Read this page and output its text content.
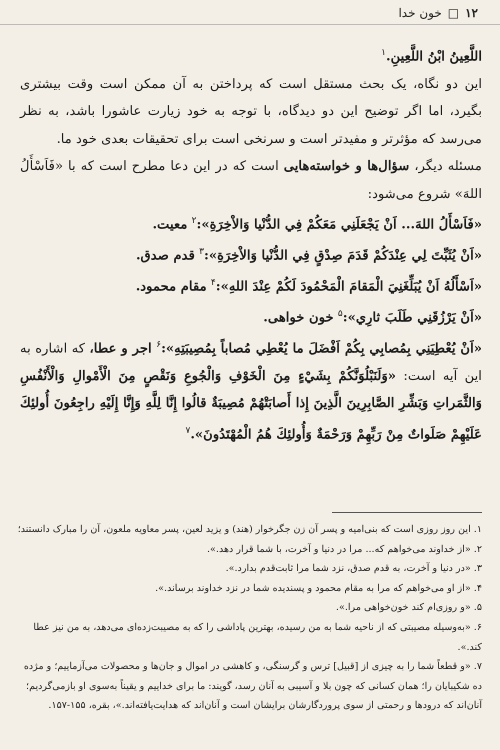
۱۲
□
خون خدا

اللَّعِينُ ابْنُ اللَّعِينِ.$^۱$

این دو نگاه، یک بحث مستقل است که پرداختن به آن ممکن است وقت بیشتری بگیرد، اما اگر توضیح این دو دیدگاه، با توجه به خود زیارت عاشورا باشد، به نظر می‌رسد که مؤثرتر و مفیدتر است و سرنخی است برای تحقیقات بعدی خود ما.

مسئله دیگر، سؤال‌ها و خواسته‌هایی است که در این دعا مطرح است که با «فَاَسْأَلُ اللهَ» شروع می‌شود:

«فَاَسْأَلُ اللهَ... اَنْ يَجْعَلَنِي مَعَكُمْ فِي الدُّنْيا وَالاْخِرَةِ»:$^۲$ معیت.

«اَنْ يُثَبِّتَ لِي عِنْدَكُمْ قَدَمَ صِدْقٍ فِي الدُّنْيا وَالاْخِرَةِ»:$^۳$ قدم صدق.

«اَسْأَلُهُ اَنْ يُبَلِّغَنِيَ الْمَقامَ الْمَحْمُودَ لَكُمْ عِنْدَ اللهِ»:$^۴$ مقام محمود.

«اَنْ يَرْزُقَنِي طَلَبَ ثارِي»:$^۵$ خون خواهی.

«اَنْ يُعْطِيَنِي بِمُصابِي بِكُمْ اَفْضَلَ ما يُعْطِي مُصاباً بِمُصِيبَتِهِ»:$^۶$ اجر و عطا، که اشاره به این آیه است: «وَلَنَبْلُوَنَّكُمْ بِشَيْءٍ مِنَ الْخَوْفِ وَالْجُوعِ وَنَقْصٍ مِنَ الْأَمْوالِ وَالْأَنْفُسِ وَالثَّمَراتِ وَبَشِّرِ الصَّابِرِينَ الَّذِينَ إِذا أَصابَتْهُمْ مُصِيبَةٌ قالُوا إِنَّا لِلَّهِ وَإِنَّا إِلَيْهِ راجِعُونَ أُولئِكَ عَلَيْهِمْ صَلَواتٌ مِنْ رَبِّهِمْ وَرَحْمَةٌ وَأُولئِكَ هُمُ الْمُهْتَدُونَ».$^۷$

۱. این روز روزی است که بنی‌امیه و پسر آن زن جگرخوار (هند) و یزید لعین، پسر معاویه ملعون، آن را مبارک دانستند؛
۲. «از خداوند می‌خواهم که... مرا در دنیا و آخرت، با شما قرار دهد.».
۳. «در دنیا و آخرت، به قدم صدق، نزد شما مرا ثابت‌قدم بدارد.».
۴. «از او می‌خواهم که مرا به مقام محمود و پسندیده شما در نزد خداوند برساند.».
۵. «و روزی‌ام کند خون‌خواهی مرا.».
۶. «به‌وسیله مصیبتی که از ناحیه شما به من رسیده، بهترین پاداشی را که به مصیبت‌زده‌ای می‌دهد، به من نیز عطا کند.».
۷. «و قطعاً شما را به چیزی از [قبیل] ترس و گرسنگی، و کاهشی در اموال و جان‌ها و محصولات می‌آزماییم؛ و مژده ده شکیبایان را؛ همان کسانی که چون بلا و آسیبی به آنان رسد، گویند: ما برای خداییم و یقیناً به‌سوی او بازمی‌گردیم؛ آنان‌اند که درودها و رحمتی از سوی پروردگارشان برایشان است و آنان‌اند که هدایت‌یافته‌اند.»، بقره، ۱۵۵-۱۵۷.
